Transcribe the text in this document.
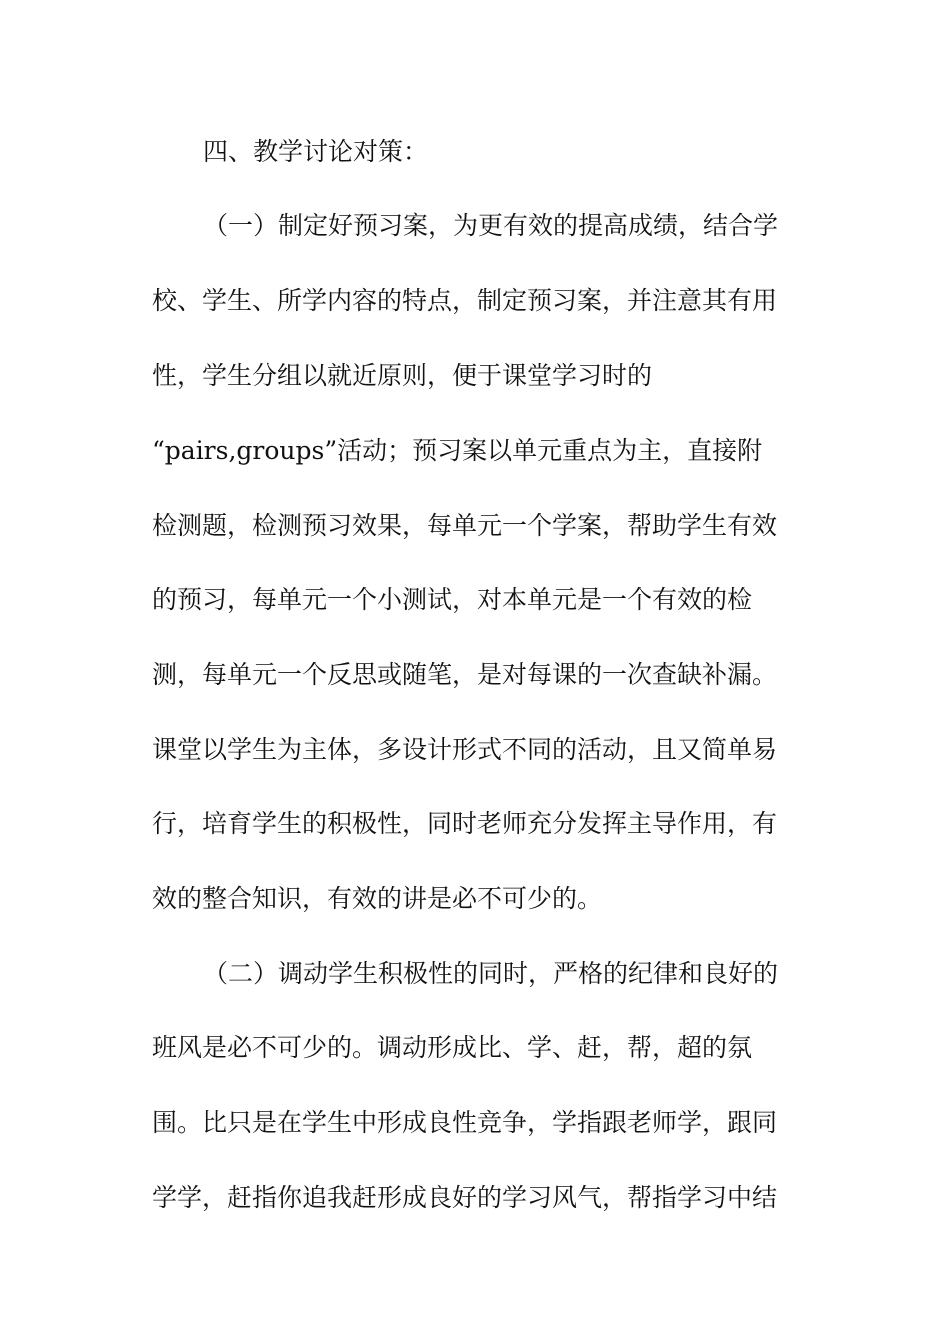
四、教学讨论对策：
（一）制定好预习案，为更有效的提高成绩，结合学
校、学生、所学内容的特点，制定预习案，并注意其有用
性，学生分组以就近原则，便于课堂学习时的
“pairs,groups”活动；预习案以单元重点为主，直接附
检测题，检测预习效果，每单元一个学案，帮助学生有效
的预习，每单元一个小测试，对本单元是一个有效的检
测，每单元一个反思或随笔，是对每课的一次查缺补漏。
课堂以学生为主体，多设计形式不同的活动，且又简单易
行，培育学生的积极性，同时老师充分发挥主导作用，有
效的整合知识，有效的讲是必不可少的。
（二）调动学生积极性的同时，严格的纪律和良好的
班风是必不可少的。调动形成比、学、赶，帮，超的氛
围。比只是在学生中形成良性竞争，学指跟老师学，跟同
学学，赶指你追我赶形成良好的学习风气，帮指学习中结
